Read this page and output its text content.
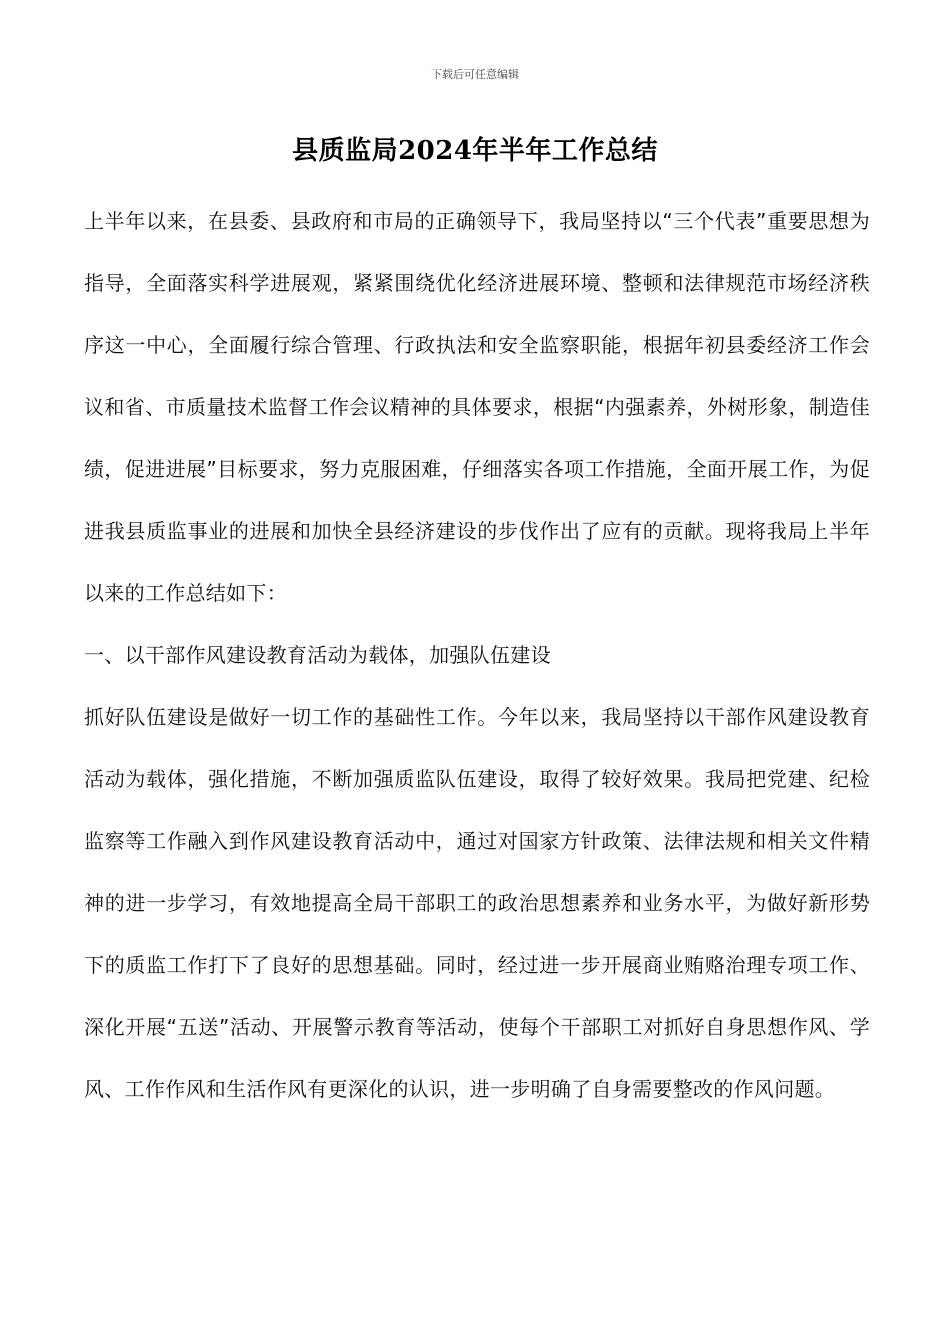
下载后可任意编辑
县质监局2024年半年工作总结

上半年以来，在县委、县政府和市局的正确领导下，我局坚持以“三个代表”重要思想为指导，全面落实科学进展观，紧紧围绕优化经济进展环境、整顿和法律规范市场经济秩序这一中心，全面履行综合管理、行政执法和安全监察职能，根据年初县委经济工作会议和省、市质量技术监督工作会议精神的具体要求，根据“内强素养，外树形象，制造佳绩，促进进展”目标要求，努力克服困难，仔细落实各项工作措施，全面开展工作，为促进我县质监事业的进展和加快全县经济建设的步伐作出了应有的贡献。现将我局上半年以来的工作总结如下：

一、以干部作风建设教育活动为载体，加强队伍建设

抓好队伍建设是做好一切工作的基础性工作。今年以来，我局坚持以干部作风建设教育活动为载体，强化措施，不断加强质监队伍建设，取得了较好效果。我局把党建、纪检监察等工作融入到作风建设教育活动中，通过对国家方针政策、法律法规和相关文件精神的进一步学习，有效地提高全局干部职工的政治思想素养和业务水平，为做好新形势下的质监工作打下了良好的思想基础。同时，经过进一步开展商业贿赂治理专项工作、深化开展“五送”活动、开展警示教育等活动，使每个干部职工对抓好自身思想作风、学风、工作作风和生活作风有更深化的认识，进一步明确了自身需要整改的作风问题。
